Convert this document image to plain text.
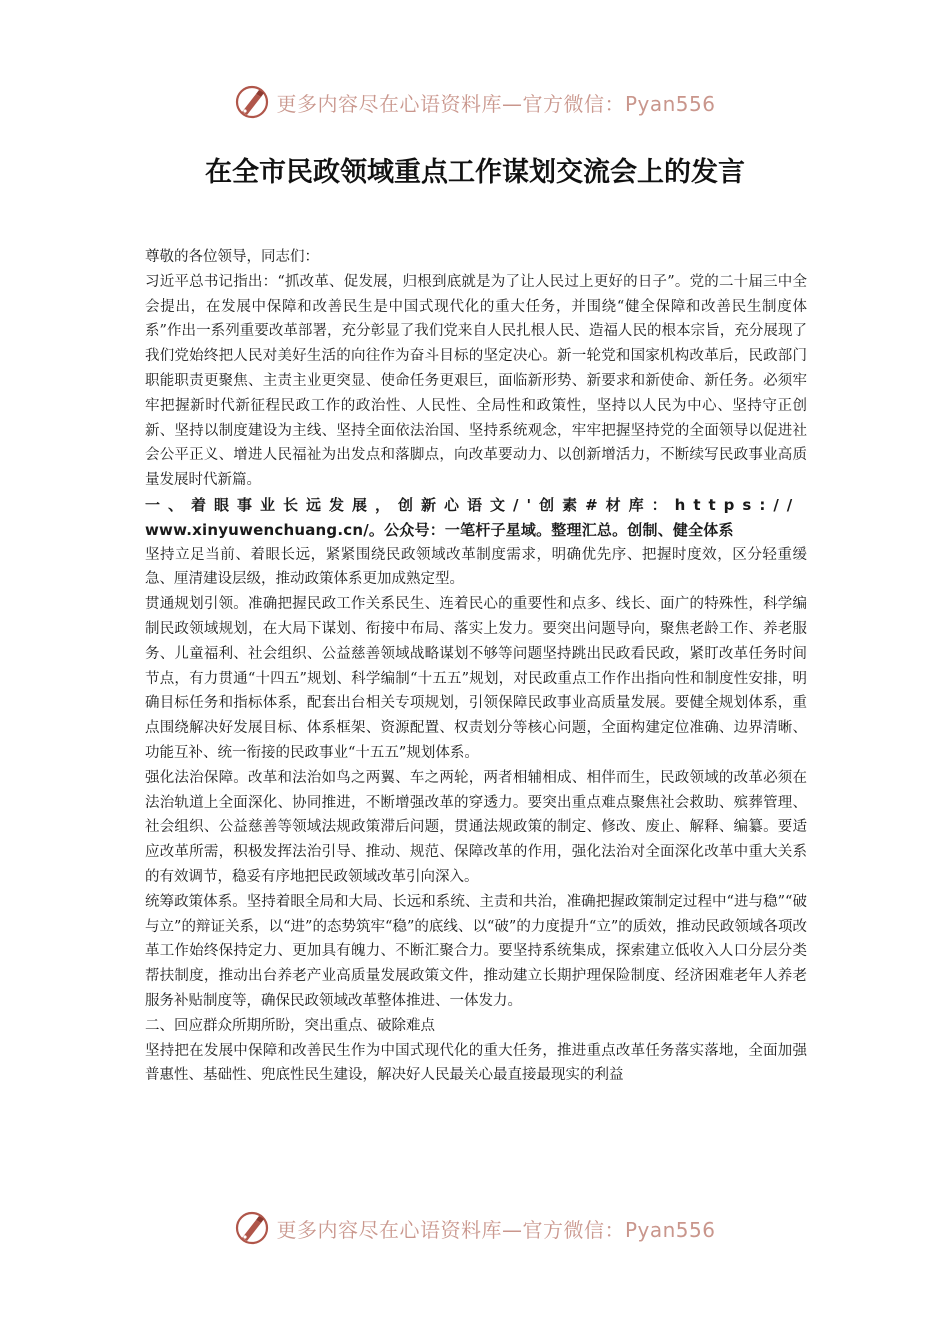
更多内容尽在心语资料库—官方微信：Pyan556
在全市民政领域重点工作谋划交流会上的发言

尊敬的各位领导，同志们：

习近平总书记指出：“抓改革、促发展，归根到底就是为了让人民过上更好的日子”。党的二十届三中全会提出，在发展中保障和改善民生是中国式现代化的重大任务，并围绕“健全保障和改善民生制度体系”作出一系列重要改革部署，充分彰显了我们党来自人民扎根人民、造福人民的根本宗旨，充分展现了我们党始终把人民对美好生活的向往作为奋斗目标的坚定决心。新一轮党和国家机构改革后，民政部门职能职责更聚焦、主责主业更突显、使命任务更艰巨，面临新形势、新要求和新使命、新任务。必须牢牢把握新时代新征程民政工作的政治性、人民性、全局性和政策性，坚持以人民为中心、坚持守正创新、坚持以制度建设为主线、坚持全面依法治国、坚持系统观念，牢牢把握坚持党的全面领导以促进社会公平正义、增进人民福祉为出发点和落脚点，向改革要动力、以创新增活力，不断续写民政事业高质量发展时代新篇。

一、着眼事业长远发展，创新心语文/'创素#材库：https://

www.xinyuwenchuang.cn/。公众号：一笔杆子星域。整理汇总。创制、健全体系

坚持立足当前、着眼长远，紧紧围绕民政领域改革制度需求，明确优先序、把握时度效，区分轻重缓急、厘清建设层级，推动政策体系更加成熟定型。

贯通规划引领。准确把握民政工作关系民生、连着民心的重要性和点多、线长、面广的特殊性，科学编制民政领域规划，在大局下谋划、衔接中布局、落实上发力。要突出问题导向，聚焦老龄工作、养老服务、儿童福利、社会组织、公益慈善领域战略谋划不够等问题坚持跳出民政看民政，紧盯改革任务时间节点，有力贯通“十四五”规划、科学编制“十五五”规划，对民政重点工作作出指向性和制度性安排，明确目标任务和指标体系，配套出台相关专项规划，引领保障民政事业高质量发展。要健全规划体系，重点围绕解决好发展目标、体系框架、资源配置、权责划分等核心问题，全面构建定位准确、边界清晰、功能互补、统一衔接的民政事业“十五五”规划体系。

强化法治保障。改革和法治如鸟之两翼、车之两轮，两者相辅相成、相伴而生，民政领域的改革必须在法治轨道上全面深化、协同推进，不断增强改革的穿透力。要突出重点难点聚焦社会救助、殡葬管理、社会组织、公益慈善等领域法规政策滞后问题，贯通法规政策的制定、修改、废止、解释、编纂。要适应改革所需，积极发挥法治引导、推动、规范、保障改革的作用，强化法治对全面深化改革中重大关系的有效调节，稳妥有序地把民政领域改革引向深入。

统筹政策体系。坚持着眼全局和大局、长远和系统、主责和共治，准确把握政策制定过程中“进与稳”“破与立”的辩证关系，以“进”的态势筑牢“稳”的底线、以“破”的力度提升“立”的质效，推动民政领域各项改革工作始终保持定力、更加具有魄力、不断汇聚合力。要坚持系统集成，探索建立低收入人口分层分类帮扶制度，推动出台养老产业高质量发展政策文件，推动建立长期护理保险制度、经济困难老年人养老服务补贴制度等，确保民政领域改革整体推进、一体发力。

二、回应群众所期所盼，突出重点、破除难点

坚持把在发展中保障和改善民生作为中国式现代化的重大任务，推进重点改革任务落实落地，全面加强普惠性、基础性、兜底性民生建设，解决好人民最关心最直接最现实的利益

更多内容尽在心语资料库—官方微信：Pyan556
